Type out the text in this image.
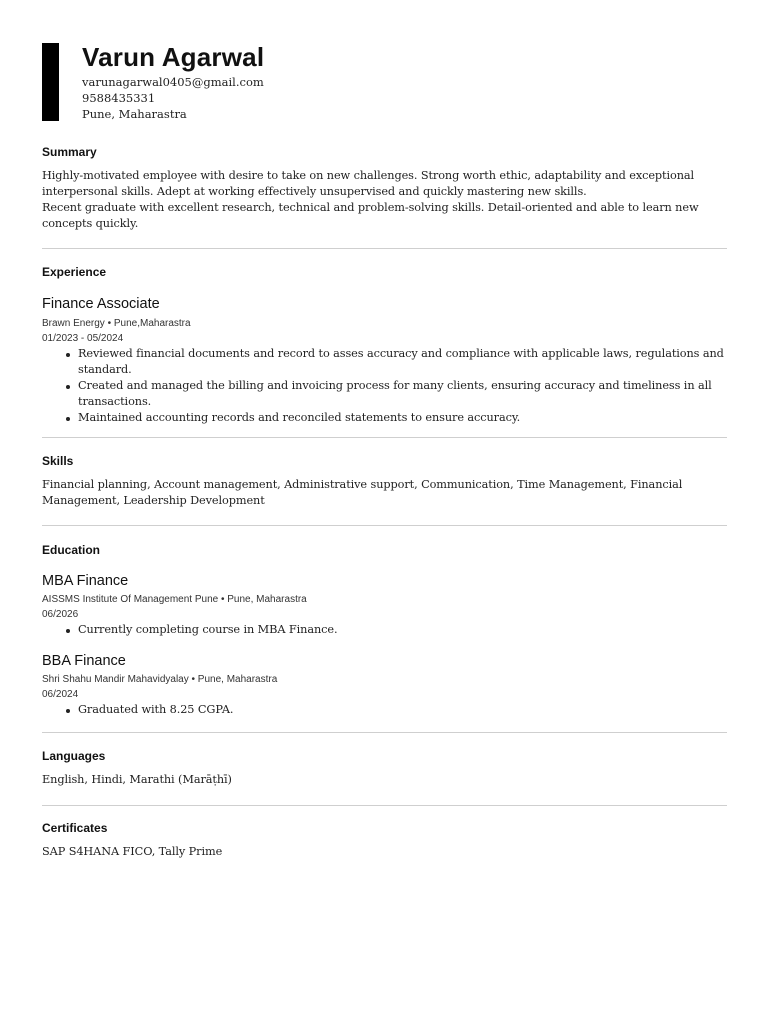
Varun Agarwal
varunagarwal0405@gmail.com
9588435331
Pune, Maharastra
Summary
Highly-motivated employee with desire to take on new challenges. Strong worth ethic, adaptability and exceptional
interpersonal skills. Adept at working effectively unsupervised and quickly mastering new skills.
Recent graduate with excellent research, technical and problem-solving skills. Detail-oriented and able to learn new
concepts quickly.
Experience
Finance Associate
Brawn Energy • Pune,Maharastra
01/2023 - 05/2024
Reviewed financial documents and record to asses accuracy and compliance with applicable laws, regulations and standard.
Created and managed the billing and invoicing process for many clients, ensuring accuracy and timeliness in all transactions.
Maintained accounting records and reconciled statements to ensure accuracy.
Skills
Financial planning, Account management, Administrative support, Communication, Time Management, Financial
Management, Leadership Development
Education
MBA Finance
AISSMS Institute Of Management Pune • Pune, Maharastra
06/2026
Currently completing course in MBA Finance.
BBA Finance
Shri Shahu Mandir Mahavidyalay • Pune, Maharastra
06/2024
Graduated with 8.25 CGPA.
Languages
English, Hindi, Marathi (Marāṭhī)
Certificates
SAP S4HANA FICO, Tally Prime
